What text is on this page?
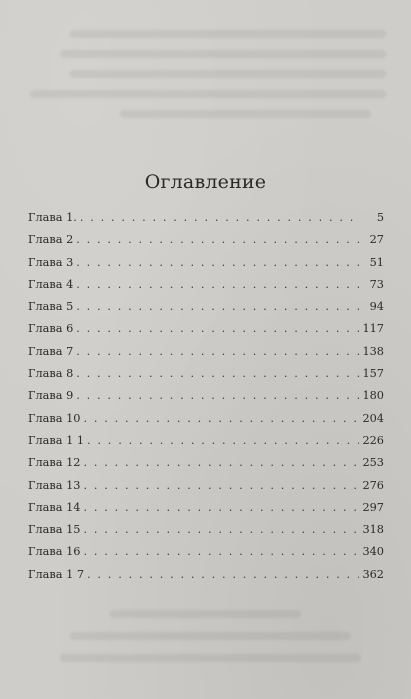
Оглавление
Глава 1. . . .	5
Глава 2 . . .	27
Глава 3 . . .	51
Глава 4 . . .	73
Глава 5 . . .	94
Глава 6 . . .	117
Глава 7 . . .	138
Глава 8 . . .	157
Глава 9 . . .	180
Глава 10 . . .	204
Глава 1 1 . . .	226
Глава 12 . . .	253
Глава 13 . . .	276
Глава 14 . . .	297
Глава 15 . . .	318
Глава 16 . . .	340
Глава 1 7 . . .	362
